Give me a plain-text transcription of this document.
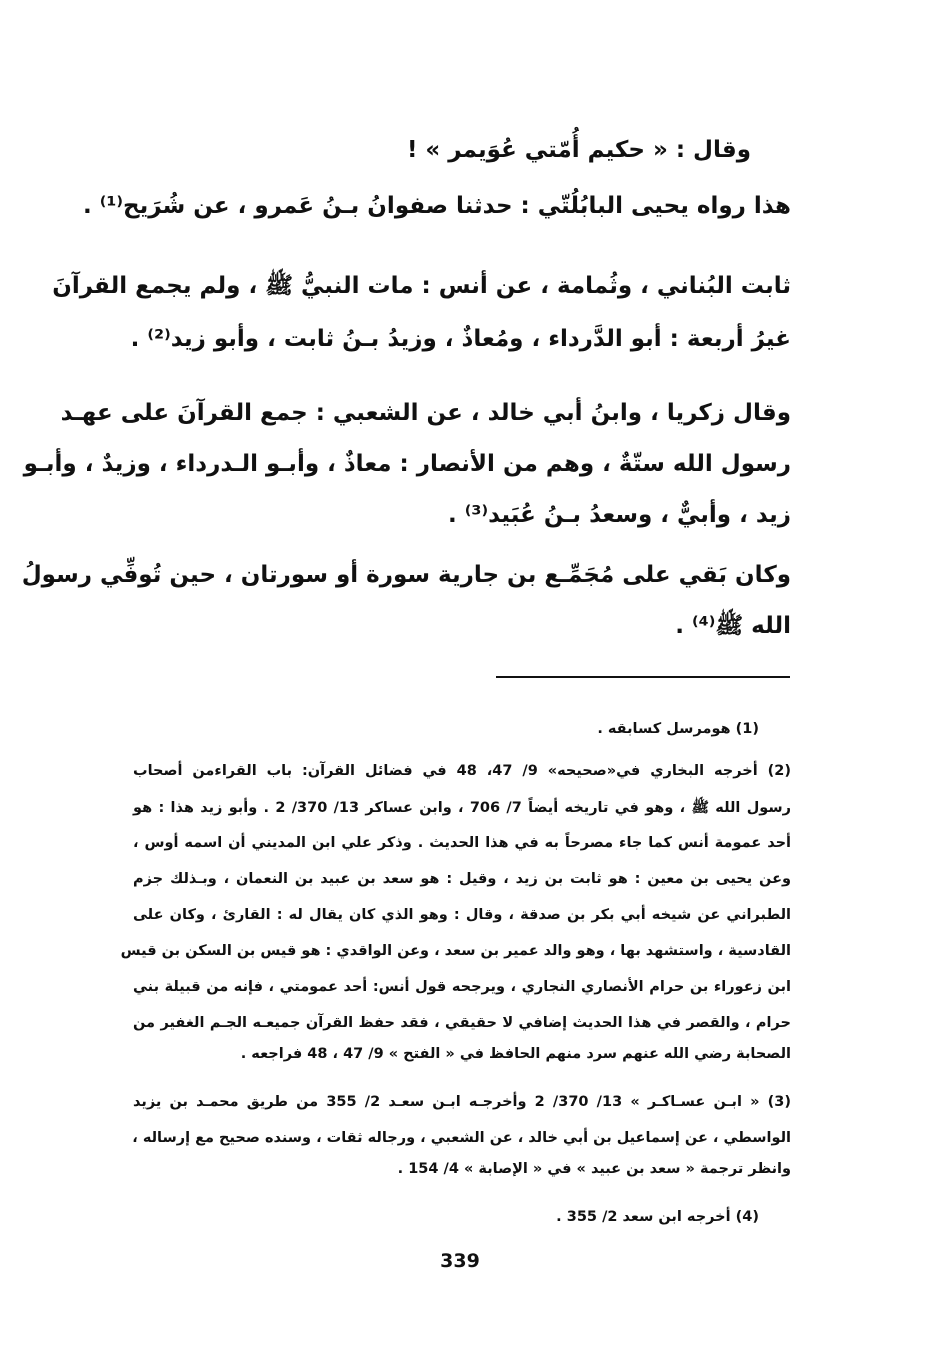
وقال : « حكيم أُمّتي عُوَيمر » !
هذا رواه يحيى البابُلُتّي : حدثنا صفوانُ بـنُ عَمرو ، عن شُرَيح⁽¹⁾ .
ثابت البُناني ، وثُمامة ، عن أنس : مات النبيُّ ﷺ ، ولم يجمع القرآنَ
غيرُ أربعة : أبو الدَّرداء ، ومُعاذٌ ، وزيدُ بـنُ ثابت ، وأبو زيد⁽²⁾ .
وقال زكريا ، وابنُ أبي خالد ، عن الشعبي : جمع القرآنَ على عهـد
رسول الله ستّةٌ ، وهم من الأنصار : معاذٌ ، وأبـو الـدرداء ، وزيدٌ ، وأبـو
زيد ، وأبيٌّ ، وسعدُ بـنُ عُبَيد⁽³⁾ .
وكان بَقي على مُجَمِّـع بن جارية سورة أو سورتان ، حين تُوفِّي رسولُ
الله ﷺ⁽⁴⁾ .
(1) هومرسل كسابقه .
(2) أخرجه البخاري في«صحيحه» 9/ 47، 48 في فضائل القرآن: باب القراءمن أصحاب
رسول الله ﷺ ، وهو في تاريخه أيضاً 7/ 706 ، وابن عساكر 13/ 370/ 2 . وأبو زيد هذا : هو
أحد عمومة أنس كما جاء مصرحاً به في هذا الحديث . وذكر علي ابن المديني أن اسمه أوس ،
وعن يحيى بن معين : هو ثابت بن زيد ، وقيل : هو سعد بن عبيد بن النعمان ، وبـذلك جزم
الطبراني عن شيخه أبي بكر بن صدقة ، وقال : وهو الذي كان يقال له : القارئ ، وكان على
القادسية ، واستشهد بها ، وهو والد عمير بن سعد ، وعن الواقدي : هو قيس بن السكن بن قيس
ابن زعوراء بن حرام الأنصاري النجاري ، ويرجحه قول أنس: أحد عمومتي ، فإنه من قبيلة بني
حرام ، والقصر في هذا الحديث إضافي لا حقيقي ، فقد حفظ القرآن جميعـه الجـم الغفير من
الصحابة رضي الله عنهم سرد منهم الحافظ في « الفتح » 9/ 47 ، 48 فراجعه .
(3) « ابـن عسـاكـر » 13/ 370/ 2 وأخرجـه ابـن سعـد 2/ 355 من طريق محمـد بن يزيد
الواسطي ، عن إسماعيل بن أبي خالد ، عن الشعبي ، ورجاله ثقات ، وسنده صحيح مع إرساله ،
وانظر ترجمة « سعد بن عبيد » في « الإصابة » 4/ 154 .
(4) أخرجه ابن سعد 2/ 355 .
339
